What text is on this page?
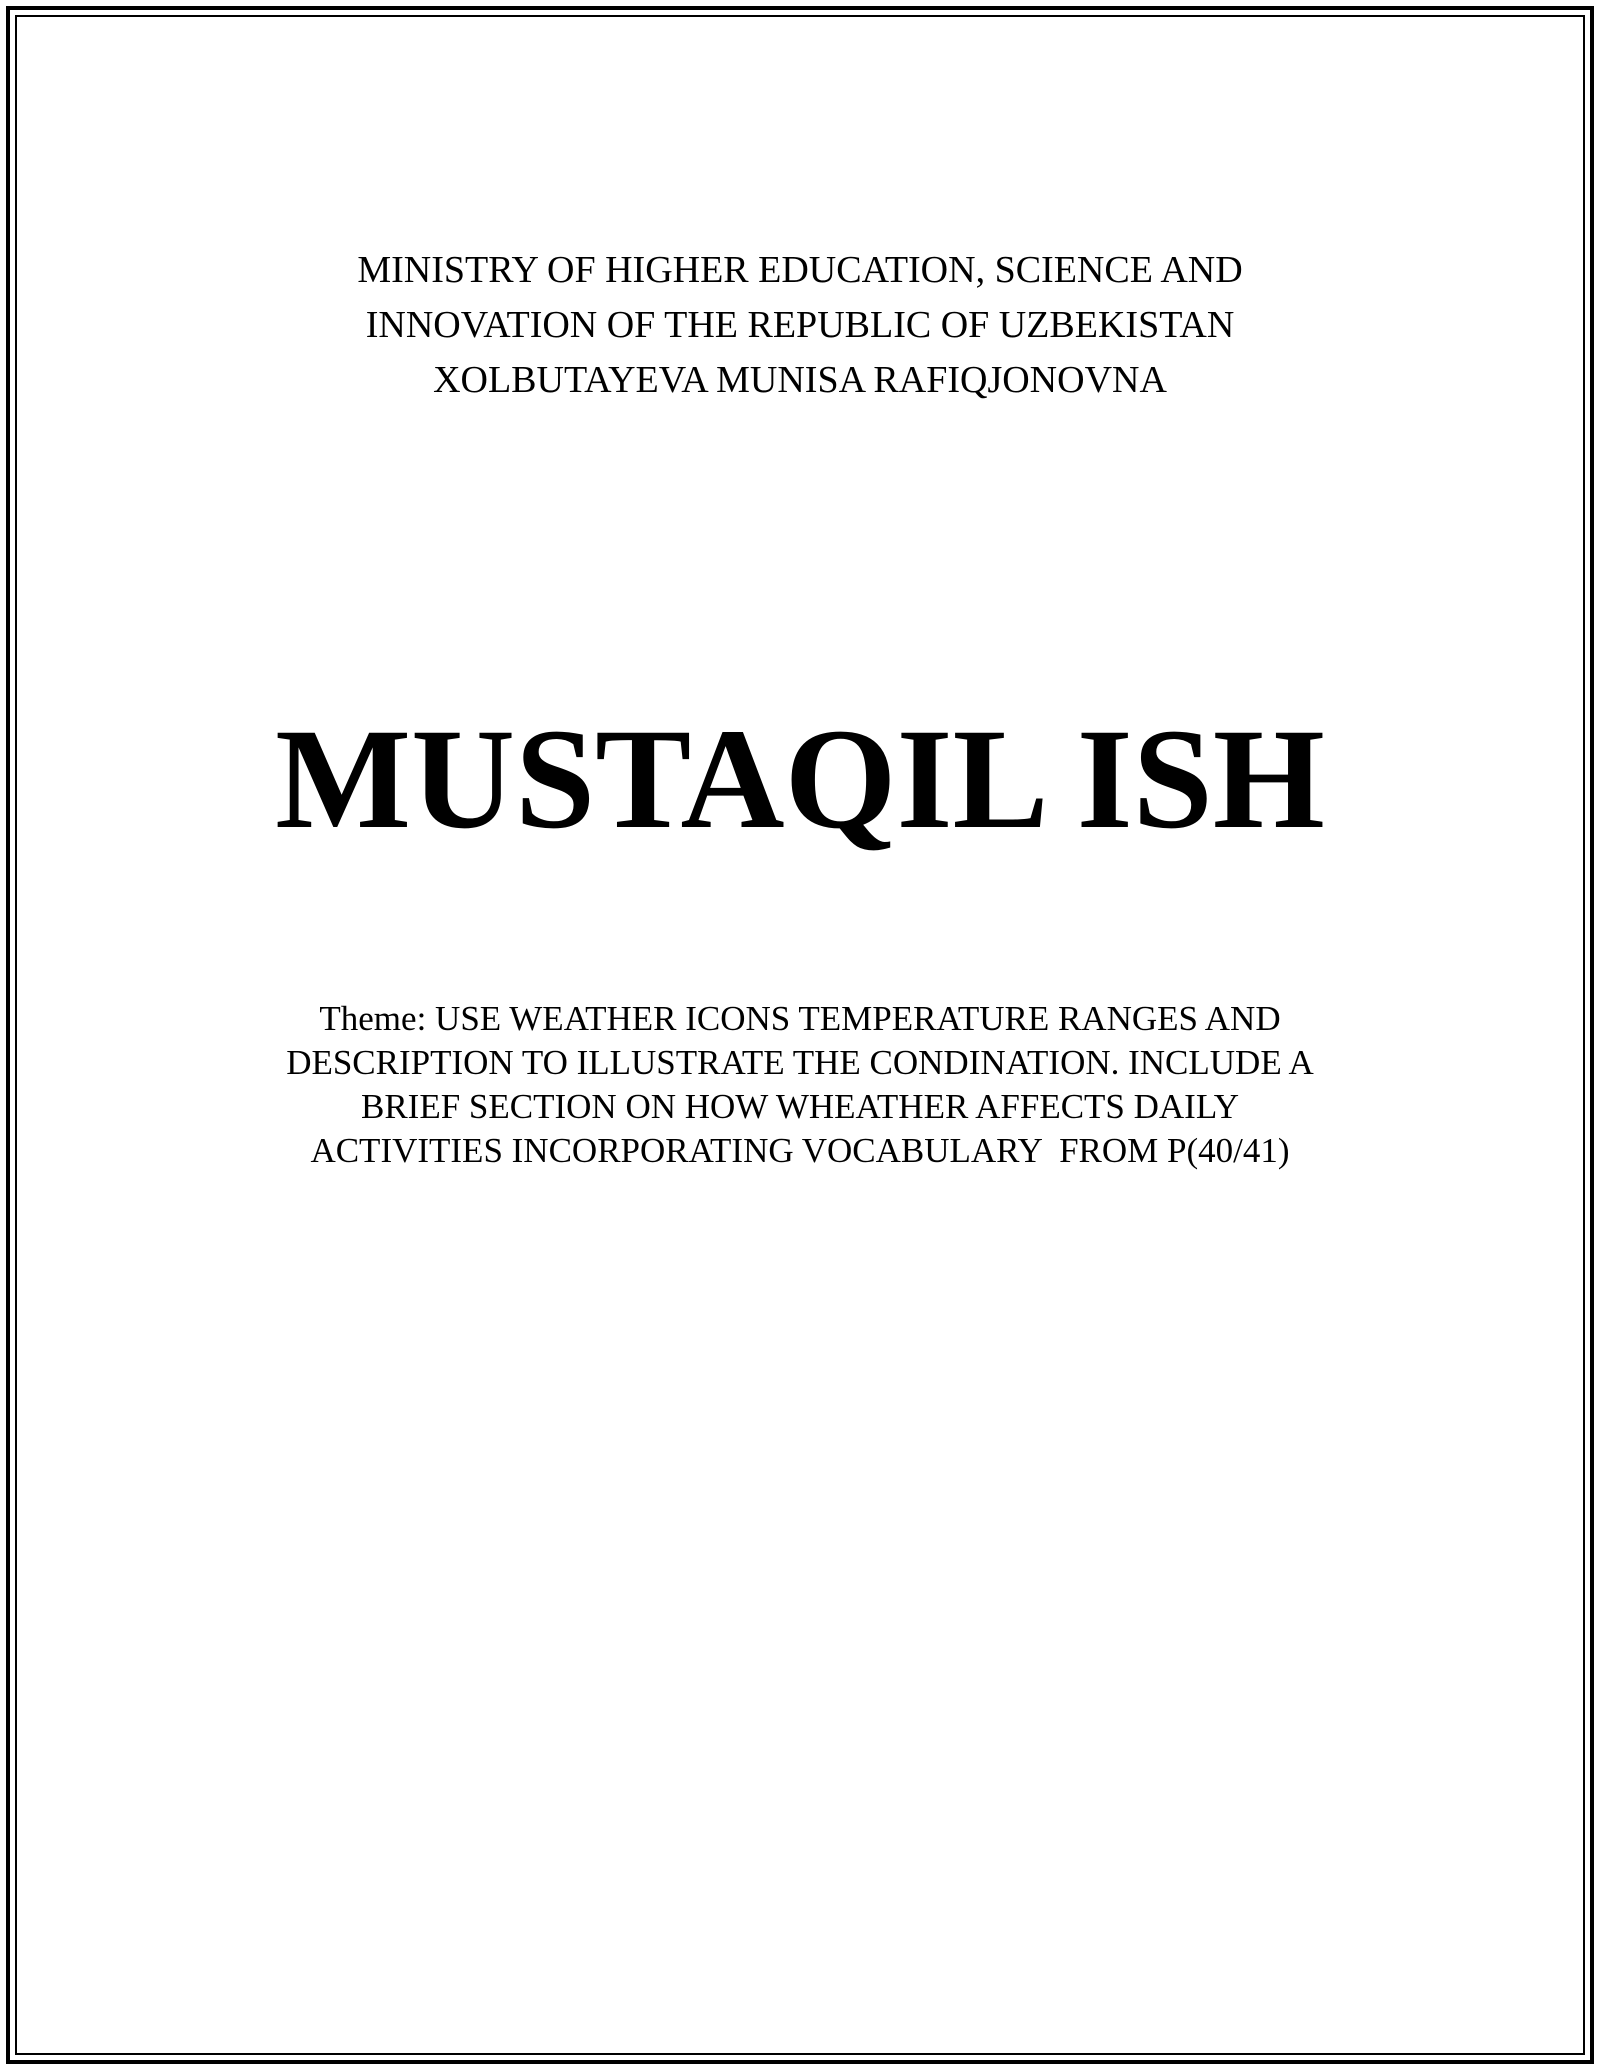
MINISTRY OF HIGHER EDUCATION, SCIENCE AND
INNOVATION OF THE REPUBLIC OF UZBEKISTAN
XOLBUTAYEVA MUNISA RAFIQJONOVNA
MUSTAQIL ISH
Theme: USE WEATHER ICONS TEMPERATURE RANGES AND
DESCRIPTION TO ILLUSTRATE THE CONDINATION. INCLUDE A
BRIEF SECTION ON HOW WHEATHER AFFECTS DAILY
ACTIVITIES INCORPORATING VOCABULARY  FROM P(40/41)
